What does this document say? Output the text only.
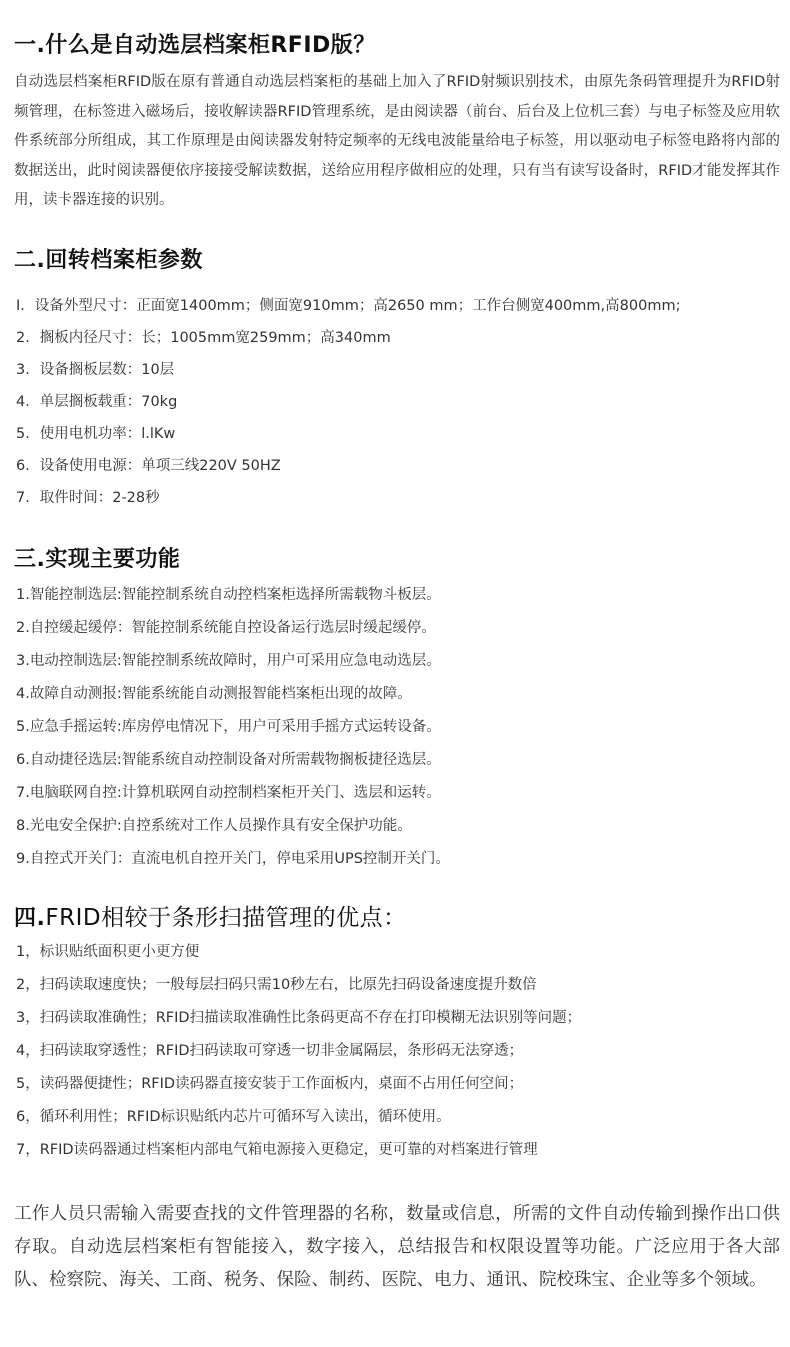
一.什么是自动选层档案柜RFID版？
自动选层档案柜RFID版在原有普通自动选层档案柜的基础上加入了RFID射频识别技术，由原先条码管理提升为RFID射频管理，在标签进入磁场后，接收解读器RFID管理系统，是由阅读器（前台、后台及上位机三套）与电子标签及应用软件系统部分所组成，其工作原理是由阅读器发射特定频率的无线电波能量给电子标签，用以驱动电子标签电路将内部的数据送出，此时阅读器便依序接接受解读数据，送给应用程序做相应的处理，只有当有读写设备时，RFID才能发挥其作用，读卡器连接的识别。
二.回转档案柜参数
Ⅰ．设备外型尺寸：正面宽1400mm；侧面宽910mm；高2650 mm；工作台侧宽400mm,高800mm;
2．搁板内径尺寸：长；1005mm宽259mm；高340mm
3．设备搁板层数：10层
4．单层搁板载重：70kg
5．使用电机功率：l.lKw
6．设备使用电源：单项三线220V 50HZ
7．取件时间：2-28秒
三.实现主要功能
1.智能控制选层:智能控制系统自动控档案柜选择所需载物斗板层。
2.自控缓起缓停：智能控制系统能自控设备运行选层时缓起缓停。
3.电动控制选层:智能控制系统故障时，用户可采用应急电动选层。
4.故障自动测报:智能系统能自动测报智能档案柜出现的故障。
5.应急手摇运转:库房停电情况下，用户可采用手摇方式运转设备。
6.自动捷径选层:智能系统自动控制设备对所需载物搁板捷径选层。
7.电脑联网自控:计算机联网自动控制档案柜开关门、选层和运转。
8.光电安全保护:自控系统对工作人员操作具有安全保护功能。
9.自控式开关门：直流电机自控开关门，停电采用UPS控制开关门。
四.FRID相较于条形扫描管理的优点：
1，标识贴纸面积更小更方便
2，扫码读取速度快；一般每层扫码只需10秒左右，比原先扫码设备速度提升数倍
3，扫码读取准确性；RFID扫描读取准确性比条码更高不存在打印模糊无法识别等问题；
4，扫码读取穿透性；RFID扫码读取可穿透一切非金属隔层，条形码无法穿透；
5，读码器便捷性；RFID读码器直接安装于工作面板内，桌面不占用任何空间；
6，循环利用性；RFID标识贴纸内芯片可循环写入读出，循环使用。
7，RFID读码器通过档案柜内部电气箱电源接入更稳定，更可靠的对档案进行管理
工作人员只需输入需要查找的文件管理器的名称，数量或信息，所需的文件自动传输到操作出口供存取。自动选层档案柜有智能接入，数字接入，总结报告和权限设置等功能。广泛应用于各大部队、检察院、海关、工商、税务、保险、制药、医院、电力、通讯、院校珠宝、企业等多个领域。
